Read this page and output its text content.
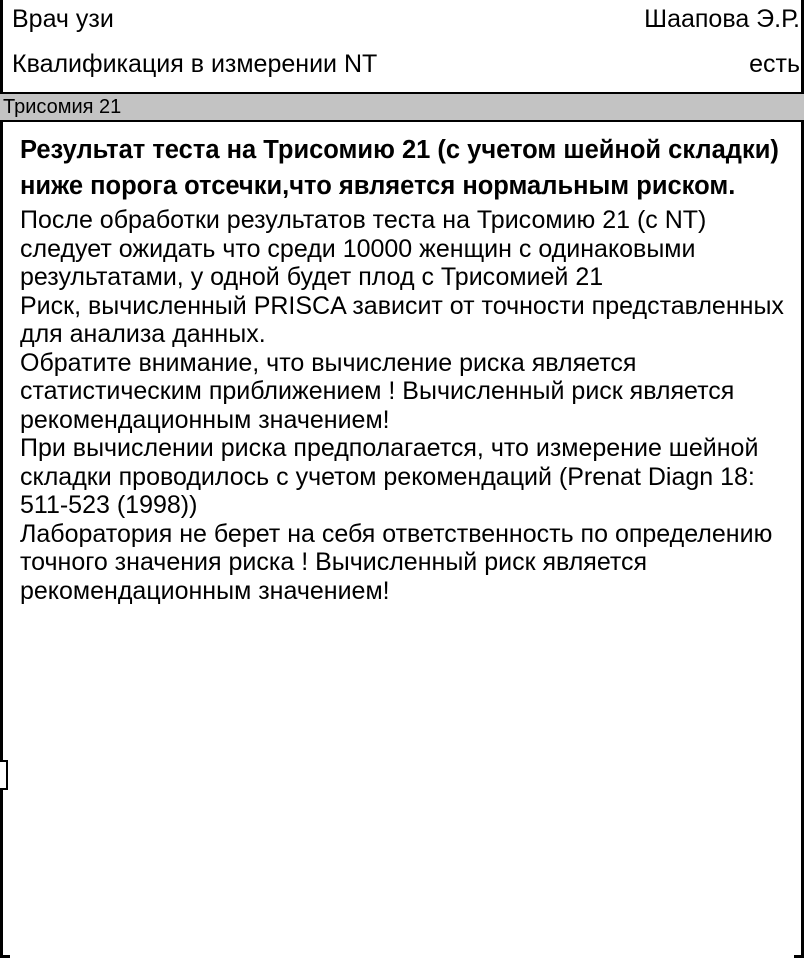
Врач узи	Шаапова Э.Р.
Квалификация в измерении NT	есть
Трисомия 21
Результат теста на Трисомию 21 (с учетом шейной складки) ниже порога отсечки,что является нормальным риском.

После обработки результатов теста на Трисомию 21 (с NT) следует ожидать что среди 10000 женщин с одинаковыми результатами, у одной будет плод с Трисомией 21

Риск, вычисленный PRISCA зависит от точности представленных для анализа данных.

Обратите внимание, что вычисление риска является статистическим приближением ! Вычисленный риск является рекомендационным значением!

При вычислении риска предполагается, что измерение шейной складки проводилось с учетом рекомендаций (Prenat Diagn 18: 511-523 (1998))

Лаборатория не берет на себя ответственность по определению точного значения риска ! Вычисленный риск является рекомендационным значением!
